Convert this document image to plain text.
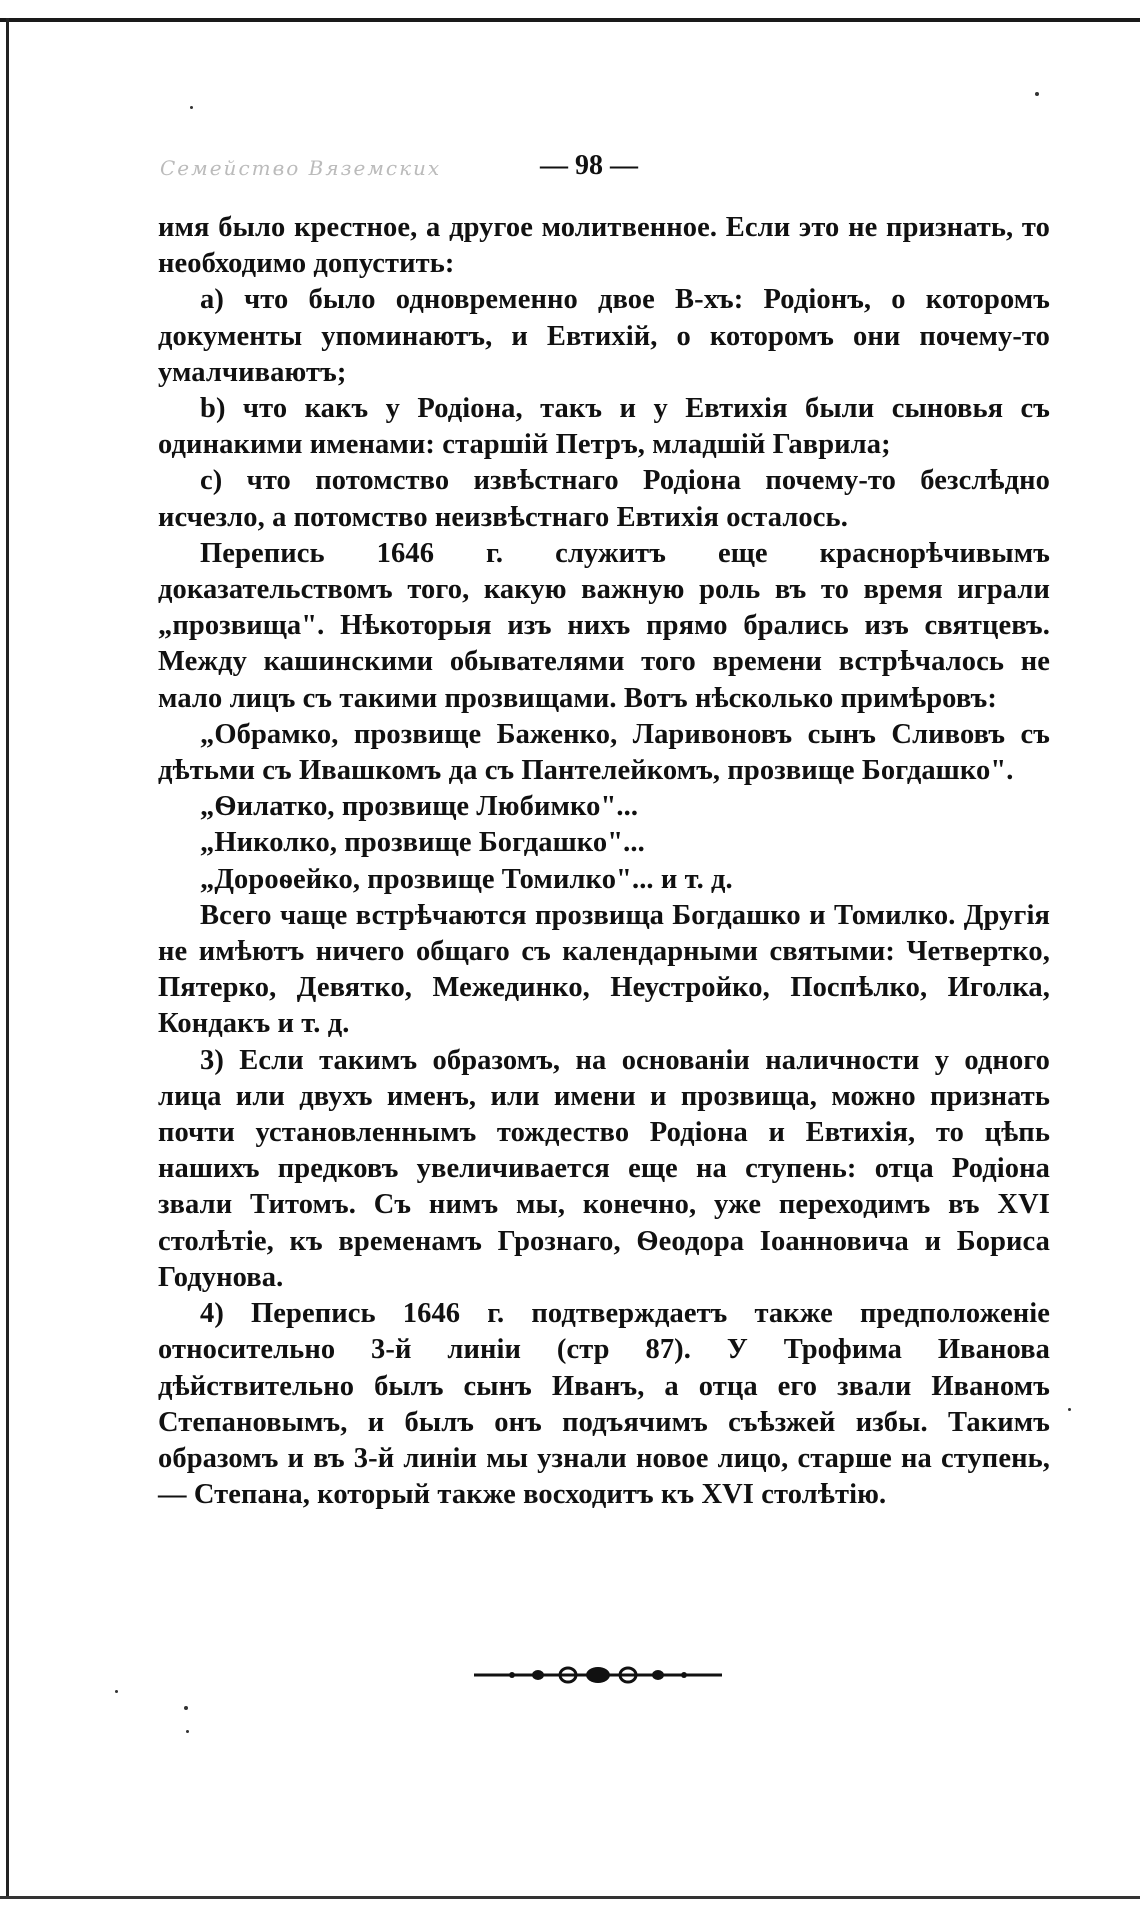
Семейство Вяземских	— 98 —

имя было крестное, а другое молитвенное. Если это не признать, то необходимо допустить:

a) что было одновременно двое В-хъ: Родіонъ, о которомъ документы упоминаютъ, и Евтихій, о которомъ они почему-то умалчиваютъ;

b) что какъ у Родіона, такъ и у Евтихія были сыновья съ одинакими именами: старшій Петръ, младшій Гаврила;

c) что потомство извѣстнаго Родіона почему-то безслѣдно исчезло, а потомство неизвѣстнаго Евтихія осталось.

Перепись 1646 г. служитъ еще краснорѣчивымъ доказательствомъ того, какую важную роль въ то время играли „прозвища". Нѣкоторыя изъ нихъ прямо брались изъ святцевъ. Между кашинскими обывателями того времени встрѣчалось не мало лицъ съ такими прозвищами. Вотъ нѣсколько примѣровъ:

„Обрамко, прозвище Баженко, Ларивоновъ сынъ Сливовъ съ дѣтьми съ Ивашкомъ да съ Пантелейкомъ, прозвище Богдашко".

„Ѳилатко, прозвище Любимко"...

„Николко, прозвище Богдашко"...

„Дороѳейко, прозвище Томилко"... и т. д.

Всего чаще встрѣчаются прозвища Богдашко и Томилко. Другія не имѣютъ ничего общаго съ календарными святыми: Четвертко, Пятерко, Девятко, Межединко, Неустройко, Поспѣлко, Иголка, Кондакъ и т. д.

3) Если такимъ образомъ, на основаніи наличности у одного лица или двухъ именъ, или имени и прозвища, можно признать почти установленнымъ тождество Родіона и Евтихія, то цѣпь нашихъ предковъ увеличивается еще на ступень: отца Родіона звали Титомъ. Съ нимъ мы, конечно, уже переходимъ въ XVI столѣтіе, къ временамъ Грознаго, Ѳеодора Іоанновича и Бориса Годунова.

4) Перепись 1646 г. подтверждаетъ также предположеніе относительно 3-й линіи (стр 87). У Трофима Иванова дѣйствительно былъ сынъ Иванъ, а отца его звали Иваномъ Степановымъ, и былъ онъ подъячимъ съѣзжей избы. Такимъ образомъ и въ 3-й линіи мы узнали новое лицо, старше на ступень, — Степана, который также восходитъ къ XVI столѣтію.
